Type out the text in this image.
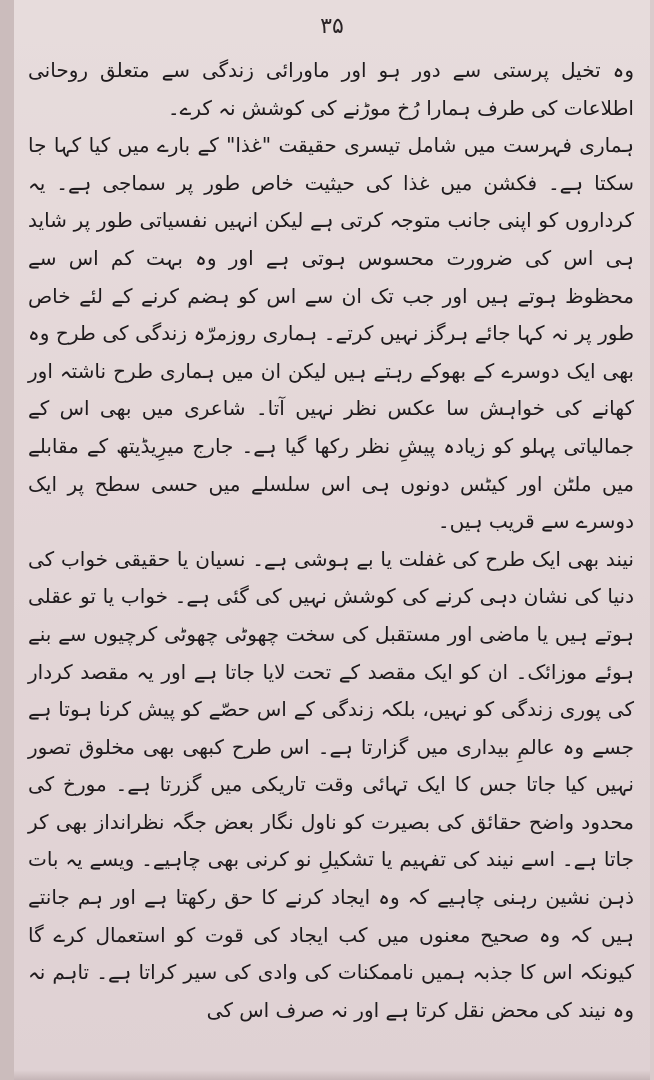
۳۵

وہ تخیل پرستی سے دور ہو اور ماورائی زندگی سے متعلق روحانی اطلاعات کی طرف ہمارا رُخ موڑنے کی کوشش نہ کرے۔

ہماری فہرست میں شامل تیسری حقیقت "غذا" کے بارے میں کیا کہا جا سکتا ہے۔ فکشن میں غذا کی حیثیت خاص طور پر سماجی ہے۔ یہ کرداروں کو اپنی جانب متوجہ کرتی ہے لیکن انہیں نفسیاتی طور پر شاید ہی اس کی ضرورت محسوس ہوتی ہے اور وہ بہت کم اس سے محظوظ ہوتے ہیں اور جب تک ان سے اس کو ہضم کرنے کے لئے خاص طور پر نہ کہا جائے ہرگز نہیں کرتے۔ ہماری روزمرّہ زندگی کی طرح وہ بھی ایک دوسرے کے بھوکے رہتے ہیں لیکن ان میں ہماری طرح ناشتہ اور کھانے کی خواہش سا عکس نظر نہیں آتا۔ شاعری میں بھی اس کے جمالیاتی پہلو کو زیادہ پیشِ نظر رکھا گیا ہے۔ جارج میرِیڈیتھ کے مقابلے میں ملٹن اور کیٹس دونوں ہی اس سلسلے میں حسی سطح پر ایک دوسرے سے قریب ہیں۔

نیند بھی ایک طرح کی غفلت یا بے ہوشی ہے۔ نسیان یا حقیقی خواب کی دنیا کی نشان دہی کرنے کی کوشش نہیں کی گئی ہے۔ خواب یا تو عقلی ہوتے ہیں یا ماضی اور مستقبل کی سخت چھوٹی چھوٹی کرچیوں سے بنے ہوئے موزائک۔ ان کو ایک مقصد کے تحت لایا جاتا ہے اور یہ مقصد کردار کی پوری زندگی کو نہیں، بلکہ زندگی کے اس حصّے کو پیش کرنا ہوتا ہے جسے وہ عالمِ بیداری میں گزارتا ہے۔ اس طرح کبھی بھی مخلوق تصور نہیں کیا جاتا جس کا ایک تہائی وقت تاریکی میں گزرتا ہے۔ مورخ کی محدود واضح حقائق کی بصیرت کو ناول نگار بعض جگہ نظرانداز بھی کر جاتا ہے۔ اسے نیند کی تفہیم یا تشکیلِ نو کرنی بھی چاہیے۔ ویسے یہ بات ذہن نشین رہنی چاہیے کہ وہ ایجاد کرنے کا حق رکھتا ہے اور ہم جانتے ہیں کہ وہ صحیح معنوں میں کب ایجاد کی قوت کو استعمال کرے گا کیونکہ اس کا جذبہ ہمیں ناممکنات کی وادی کی سیر کراتا ہے۔ تاہم نہ وہ نیند کی محض نقل کرتا ہے اور نہ صرف اس کی
